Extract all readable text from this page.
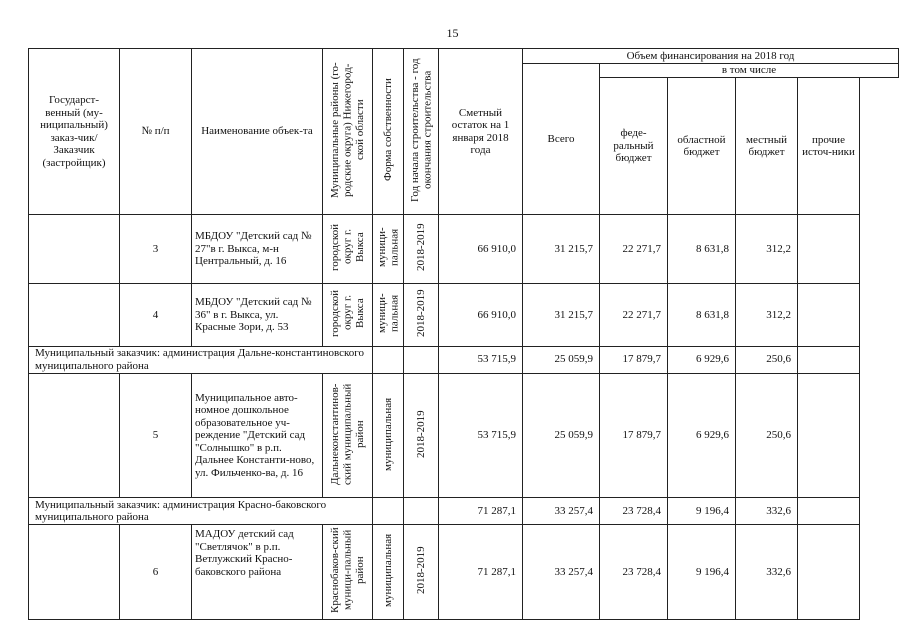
15
Государст-венный (му-ниципальный) заказ-чик/Заказчик (застройщик)	№ п/п	Наименование объек-та	Муниципальные районы (го-родские округа) Нижегород-ской области	Форма собственности	Год начала строительства - год окончания строительства	Сметный остаток на 1 января 2018 года	Объем финансирования на 2018 год				
							Всего	в том числе			
								феде-ральный бюджет	областной бюджет	местный бюджет	прочие источ-ники
	3	МБДОУ "Детский сад № 27"в г. Выкса, м-н Центральный, д. 16	городской округ г. Выкса	муници-пальная	2018-2019	66 910,0	31 215,7	22 271,7	8 631,8	312,2	
	4	МБДОУ "Детский сад № 36" в г. Выкса, ул. Красные Зори, д. 53	городской округ г. Выкса	муници-пальная	2018-2019	66 910,0	31 215,7	22 271,7	8 631,8	312,2	
Муниципальный заказчик: администрация Дальне-константиновского муниципального района						53 715,9	25 059,9	17 879,7	6 929,6	250,6	
	5	Муниципальное авто-номное дошкольное образовательное уч-реждение "Детский сад "Солнышко" в р.п. Дальнее Константи-ново, ул. Фильченко-ва, д. 16	Дальнеконстантинов-ский муниципальный район	муниципальная	2018-2019	53 715,9	25 059,9	17 879,7	6 929,6	250,6	
Муниципальный заказчик: администрация Красно-баковского муниципального района						71 287,1	33 257,4	23 728,4	9 196,4	332,6	
	6	МАДОУ детский сад "Светлячок" в р.п. Ветлужский Красно-баковского района	Краснобаков-ский муници-пальный район	муниципальная	2018-2019	71 287,1	33 257,4	23 728,4	9 196,4	332,6	
